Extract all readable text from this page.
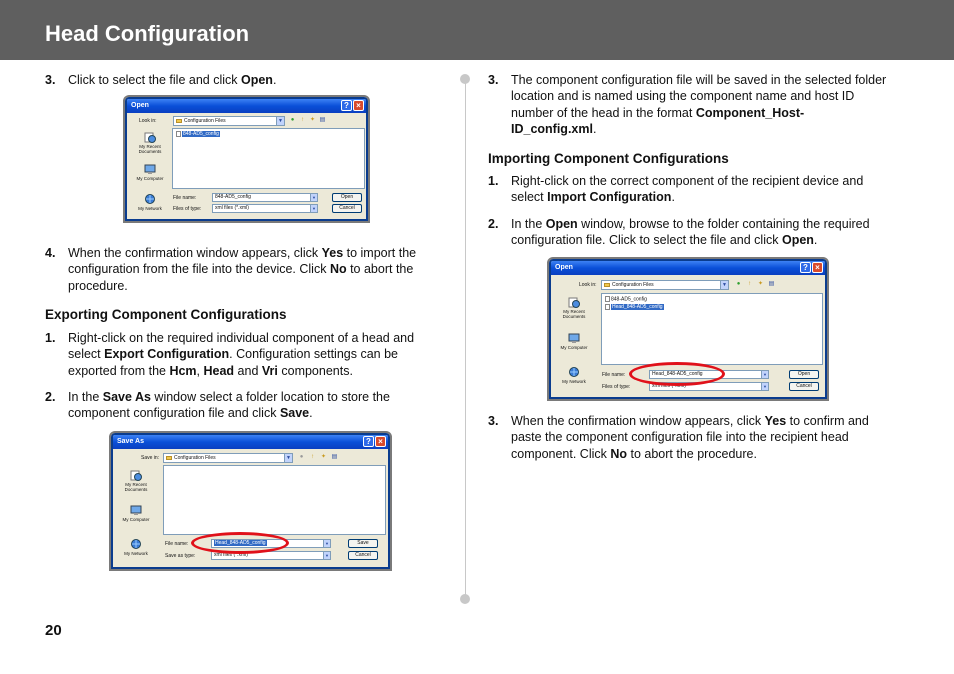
Head Configuration
3. Click to select the file and click Open.
Open	? ×
Look in:	Configuration Files	▼ ●	↑ ✦ ▤
My Recent Documents
My Computer
My Network
848-AD5_config
File name:	848-AD5_config	▼
Files of type:	xml files (*.xml)	▼
Open
Cancel
4. When the confirmation window appears, click Yes to import the configuration from the file into the device. Click No to abort the procedure.
Exporting Component Configurations
1. Right-click on the required individual component of a head and select Export Configuration. Configuration settings can be exported from the Hcm, Head and Vri components.
2. In the Save As window select a folder location to store the component configuration file and click Save.
Save As	? ×
Save in:	Configuration Files	▼ ●	↑	✦ ▤
My Recent Documents
My Computer
My Network
File name:	Head_848-AD5_config	▼
Save as type:	xml files (*.xml)	▼
Save
Cancel
3. The component configuration file will be saved in the selected folder location and is named using the component name and host ID number of the head in the format Component_Host-ID_config.xml.
Importing Component Configurations
1. Right-click on the correct component of the recipient device and select Import Configuration.
2. In the Open window, browse to the folder containing the required configuration file. Click to select the file and click Open.
Open	? ×
Look in:	Configuration Files	▼ ●	↑	✦ ▤
My Recent Documents
My Computer
My Network
848-AD5_config
Head_848-AD5_config
File name:	Head_848-AD5_config	▼
Files of type:	xml files (*.xml)	▼
Open
Cancel
3. When the confirmation window appears, click Yes to confirm and paste the component configuration file into the recipient head component. Click No to abort the procedure.
20
